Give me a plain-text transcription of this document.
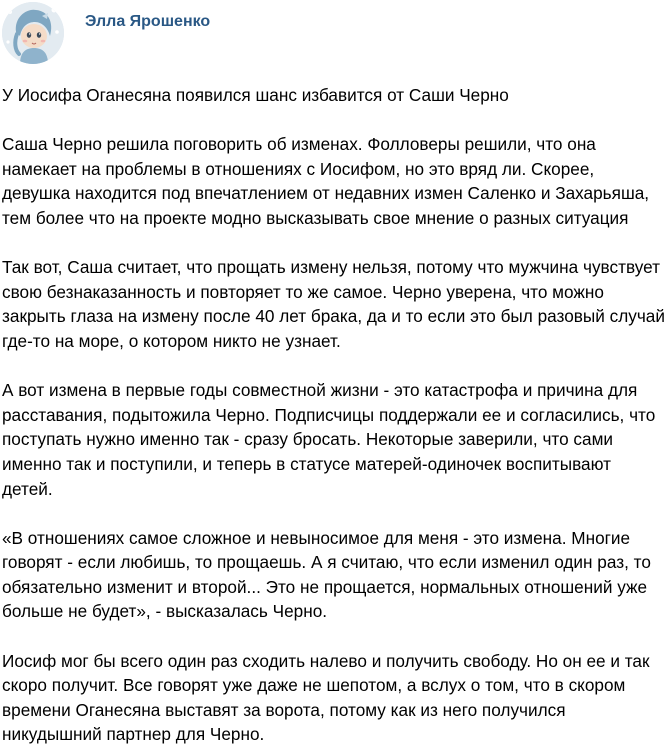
Элла Ярошенко

У Иосифа Оганесяна появился шанс избавится от Саши Черно

Саша Черно решила поговорить об изменах. Фолловеры решили, что она намекает на проблемы в отношениях с Иосифом, но это вряд ли. Скорее, девушка находится под впечатлением от недавних измен Саленко и Захарьяша, тем более что на проекте модно высказывать свое мнение о разных ситуация

Так вот, Саша считает, что прощать измену нельзя, потому что мужчина чувствует свою безнаказанность и повторяет то же самое. Черно уверена, что можно закрыть глаза на измену после 40 лет брака, да и то если это был разовый случай где-то на море, о котором никто не узнает.

А вот измена в первые годы совместной жизни - это катастрофа и причина для расставания, подытожила Черно. Подписчицы поддержали ее и согласились, что поступать нужно именно так - сразу бросать. Некоторые заверили, что сами именно так и поступили, и теперь в статусе матерей-одиночек воспитывают детей.

«В отношениях самое сложное и невыносимое для меня - это измена. Многие говорят - если любишь, то прощаешь. А я считаю, что если изменил один раз, то обязательно изменит и второй... Это не прощается, нормальных отношений уже больше не будет», - высказалась Черно.

Иосиф мог бы всего один раз сходить налево и получить свободу. Но он ее и так скоро получит. Все говорят уже даже не шепотом, а вслух о том, что в скором времени Оганесяна выставят за ворота, потому как из него получился никудышний партнер для Черно.
